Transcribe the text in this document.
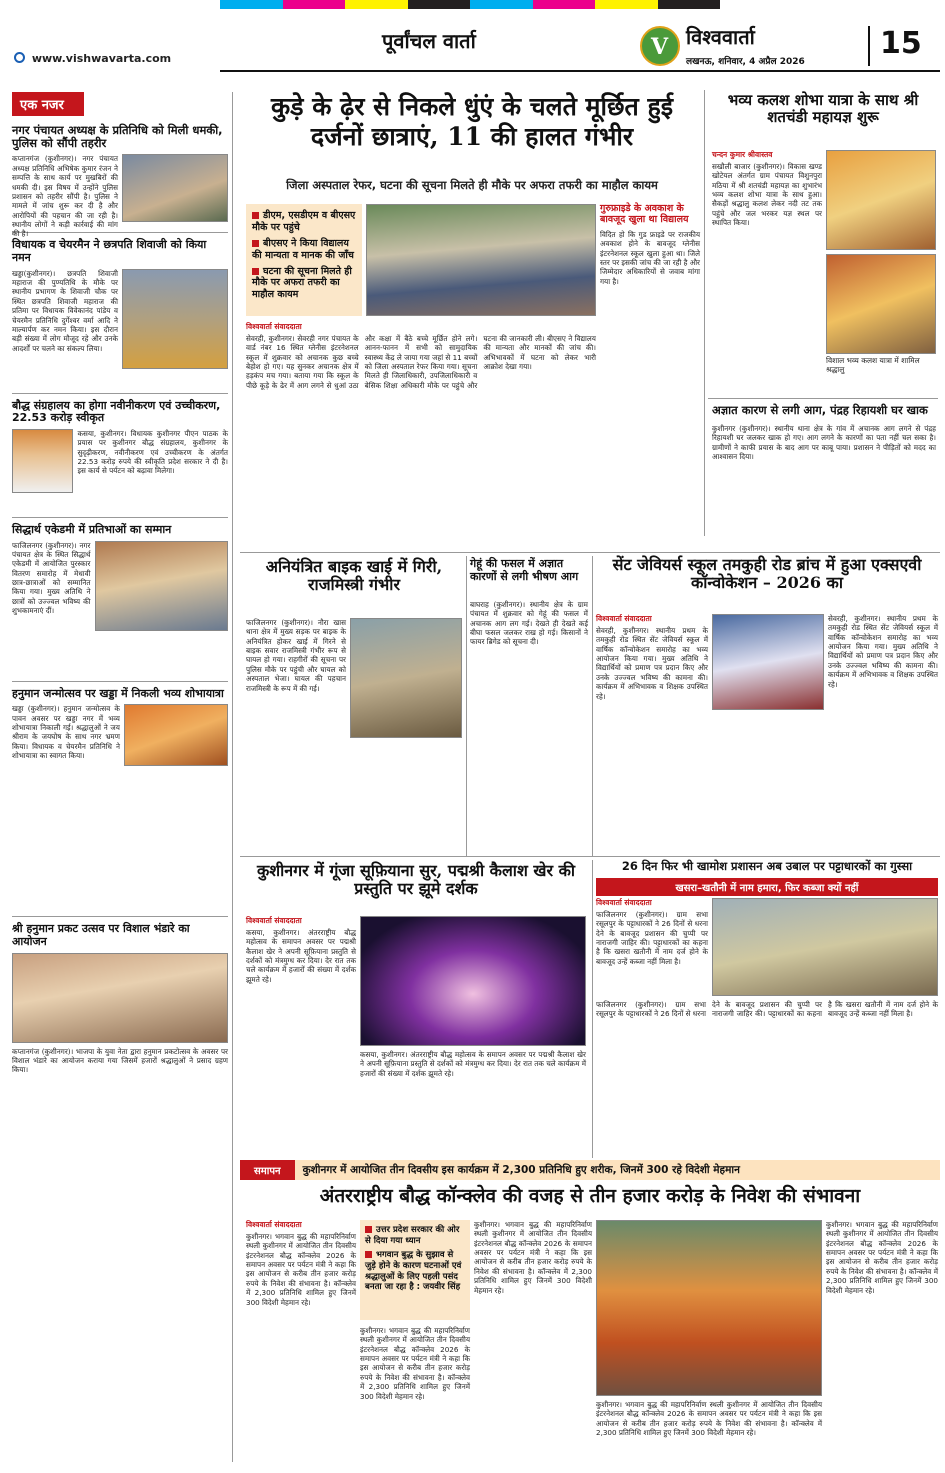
www.vishwavarta.com
पूर्वांचल वार्ता	V विश्ववार्ता
लखनऊ, शनिवार, 4 अप्रैल 2026
15
एक नजर
नगर पंचायत अध्यक्ष के प्रतिनिधि को मिली धमकी, पुलिस को सौंपी तहरीर
कप्तानगंज (कुशीनगर)। नगर पंचायत अध्यक्ष प्रतिनिधि अभिषेक कुमार रंजन ने सम्पत्ति के साथ कार्य पर मुखबिरों की धमकी दी। इस विषय में उन्होंने पुलिस प्रशासन को तहरीर सौंपी है। पुलिस ने मामले में जांच शुरू कर दी है और आरोपियों की पहचान की जा रही है। स्थानीय लोगों ने कड़ी कार्रवाई की मांग की है।
विधायक व चेयरमैन ने छत्रपति शिवाजी को किया नमन
खड्डा(कुशीनगर)। छत्रपति शिवाजी महाराज की पुण्यतिथि के मौके पर स्थानीय प्रभागण के शिवाजी चौक पर स्थित छत्रपति शिवाजी महाराज की प्रतिमा पर विधायक विवेकानंद पांडेय व चेयरमैन प्रतिनिधि दुर्गेश्वर वर्मा आदि ने माल्यार्पण कर नमन किया। इस दौरान बड़ी संख्या में लोग मौजूद रहे और उनके आदर्शों पर चलने का संकल्प लिया।
बौद्ध संग्रहालय का होगा नवीनीकरण एवं उच्चीकरण, 22.53 करोड़ स्वीकृत
कसया, कुशीनगर। विधायक कुशीनगर पीएन पाठक के प्रयास पर कुशीनगर बौद्ध संग्रहालय, कुशीनगर के सुदृढ़ीकरण, नवीनीकरण एवं उच्चीकरण के अंतर्गत 22.53 करोड़ रुपये की स्वीकृति प्रदेश सरकार ने दी है। इस कार्य से पर्यटन को बढ़ावा मिलेगा।
सिद्धार्थ एकेडमी में प्रतिभाओं का सम्मान
फाजिलनगर (कुशीनगर)। नगर पंचायत क्षेत्र के स्थित सिद्धार्थ एकेडमी में आयोजित पुरस्कार वितरण समारोह में मेधावी छात्र-छात्राओं को सम्मानित किया गया। मुख्य अतिथि ने छात्रों को उज्ज्वल भविष्य की शुभकामनाएं दीं।
हनुमान जन्मोत्सव पर खड्डा में निकली भव्य शोभायात्रा
खड्डा (कुशीनगर)। हनुमान जन्मोत्सव के पावन अवसर पर खड्डा नगर में भव्य शोभायात्रा निकाली गई। श्रद्धालुओं ने जय श्रीराम के जयघोष के साथ नगर भ्रमण किया। विधायक व चेयरमैन प्रतिनिधि ने शोभायात्रा का स्वागत किया।
श्री हनुमान प्रकट उत्सव पर विशाल भंडारे का आयोजन
कप्तानगंज (कुशीनगर)। भाजपा के युवा नेता द्वारा हनुमान प्रकटोत्सव के अवसर पर विशाल भंडारे का आयोजन कराया गया जिसमें हजारों श्रद्धालुओं ने प्रसाद ग्रहण किया।
कुड़े के ढ़ेर से निकले धुंएं के चलते मूर्छित हुई दर्जनों छात्राएं, 11 की हालत गंभीर
जिला अस्पताल रेफर, घटना की सूचना मिलते ही मौके पर अफरा तफरी का माहौल कायम
डीएम, एसडीएम व बीएसए मौके पर पहुंचे
बीएसए ने किया विद्यालय की मान्यता व मानक की जाँच
घटना की सूचना मिलते ही मौके पर अफरा तफरी का माहौल कायम
विश्ववार्ता संवाददाता
सेवरही, कुशीनगर। सेवरही नगर पंचायत के वार्ड नंबर 16 स्थित ग्लेनीस इंटरनेशनल स्कूल में शुक्रवार को अचानक कुछ बच्चे बेहोश हो गए। यह सुनकर अचानक क्षेत्र में हड़कंप मच गया। बताया गया कि स्कूल के पीछे कूड़े के ढेर में आग लगने से धुआं उठा और कक्षा में बैठे बच्चे मूर्छित होने लगे। आनन-फानन में सभी को सामुदायिक स्वास्थ्य केंद्र ले जाया गया जहां से 11 बच्चों को जिला अस्पताल रेफर किया गया। सूचना मिलते ही जिलाधिकारी, उपजिलाधिकारी व बेसिक शिक्षा अधिकारी मौके पर पहुंचे और घटना की जानकारी ली। बीएसए ने विद्यालय की मान्यता और मानकों की जांच की। अभिभावकों में घटना को लेकर भारी आक्रोश देखा गया।
गुरुफ्राइडे के अवकाश के बावजूद खुला था विद्यालय
विदित हो कि गुड फ्राइडे पर राजकीय अवकाश होने के बावजूद ग्लेनीस इंटरनेशनल स्कूल खुला हुआ था। जिले स्तर पर इसकी जांच की जा रही है और जिम्मेदार अधिकारियों से जवाब मांगा गया है।
भव्य कलश शोभा यात्रा के साथ श्री शतचंडी महायज्ञ शुरू
चन्दन कुमार श्रीवास्तव
सखौली बाजार (कुशीनगर)। विकास खण्ड खोटेयल अंतर्गत ग्राम पंचायत विशुनपुरा मठिया में श्री शतचंडी महायज्ञ का शुभारंभ भव्य कलश शोभा यात्रा के साथ हुआ। सैकड़ों श्रद्धालु कलश लेकर नदी तट तक पहुंचे और जल भरकर यज्ञ स्थल पर स्थापित किया।
विशाल भव्य कलश यात्रा में शामिल श्रद्धालु
अज्ञात कारण से लगी आग, पंद्रह रिहायशी घर खाक
कुशीनगर (कुशीनगर)। स्थानीय थाना क्षेत्र के गांव में अचानक आग लगने से पंद्रह रिहायशी घर जलकर खाक हो गए। आग लगने के कारणों का पता नहीं चल सका है। ग्रामीणों ने काफी प्रयास के बाद आग पर काबू पाया। प्रशासन ने पीड़ितों को मदद का आश्वासन दिया।
अनियंत्रित बाइक खाई में गिरी, राजमिस्त्री गंभीर
फाजिलनगर (कुशीनगर)। नौरा खास थाना क्षेत्र में मुख्य सड़क पर बाइक के अनियंत्रित होकर खाई में गिरने से बाइक सवार राजमिस्त्री गंभीर रूप से घायल हो गया। राहगीरों की सूचना पर पुलिस मौके पर पहुंची और घायल को अस्पताल भेजा। घायल की पहचान राजमिस्त्री के रूप में की गई।
गेहूं की फसल में अज्ञात कारणों से लगी भीषण आग
बाघराह (कुशीनगर)। स्थानीय क्षेत्र के ग्राम पंचायत में शुक्रवार को गेहूं की फसल में अचानक आग लग गई। देखते ही देखते कई बीघा फसल जलकर राख हो गई। किसानों ने फायर ब्रिगेड को सूचना दी।
सेंट जेवियर्स स्कूल तमकुही रोड ब्रांच में हुआ एक्सएवी कॉन्वोकेशन – 2026 का
विश्ववार्ता संवाददाता
सेवरही, कुशीनगर। स्थानीय प्रथम के तमकुही रोड स्थित सेंट जेवियर्स स्कूल में वार्षिक कॉन्वोकेशन समारोह का भव्य आयोजन किया गया। मुख्य अतिथि ने विद्यार्थियों को प्रमाण पत्र प्रदान किए और उनके उज्ज्वल भविष्य की कामना की। कार्यक्रम में अभिभावक व शिक्षक उपस्थित रहे।
सेवरही, कुशीनगर। स्थानीय प्रथम के तमकुही रोड स्थित सेंट जेवियर्स स्कूल में वार्षिक कॉन्वोकेशन समारोह का भव्य आयोजन किया गया। मुख्य अतिथि ने विद्यार्थियों को प्रमाण पत्र प्रदान किए और उनके उज्ज्वल भविष्य की कामना की। कार्यक्रम में अभिभावक व शिक्षक उपस्थित रहे।
कुशीनगर में गूंजा सूफ़ियाना सुर, पद्मश्री कैलाश खेर की प्रस्तुति पर झूमे दर्शक
विश्ववार्ता संवाददाता
कसया, कुशीनगर। अंतरराष्ट्रीय बौद्ध महोत्सव के समापन अवसर पर पद्मश्री कैलाश खेर ने अपनी सूफ़ियाना प्रस्तुति से दर्शकों को मंत्रमुग्ध कर दिया। देर रात तक चले कार्यक्रम में हजारों की संख्या में दर्शक झूमते रहे।
कसया, कुशीनगर। अंतरराष्ट्रीय बौद्ध महोत्सव के समापन अवसर पर पद्मश्री कैलाश खेर ने अपनी सूफ़ियाना प्रस्तुति से दर्शकों को मंत्रमुग्ध कर दिया। देर रात तक चले कार्यक्रम में हजारों की संख्या में दर्शक झूमते रहे।
26 दिन फिर भी खामोश प्रशासन अब उबाल पर पट्टाधारकों का गुस्सा
खसरा–खतौनी में नाम हमारा, फिर कब्जा क्यों नहीं
विश्ववार्ता संवाददाता
फाजिलनगर (कुशीनगर)। ग्राम सभा रसूलपुर के पट्टाधारकों ने 26 दिनों से धरना देने के बावजूद प्रशासन की चुप्पी पर नाराजगी जाहिर की। पट्टाधारकों का कहना है कि खसरा खतौनी में नाम दर्ज होने के बावजूद उन्हें कब्जा नहीं मिला है।
फाजिलनगर (कुशीनगर)। ग्राम सभा रसूलपुर के पट्टाधारकों ने 26 दिनों से धरना देने के बावजूद प्रशासन की चुप्पी पर नाराजगी जाहिर की। पट्टाधारकों का कहना है कि खसरा खतौनी में नाम दर्ज होने के बावजूद उन्हें कब्जा नहीं मिला है।
समापन	कुशीनगर में आयोजित तीन दिवसीय इस कार्यक्रम में 2,300 प्रतिनिधि हुए शरीक, जिनमें 300 रहे विदेशी मेहमान
अंतरराष्ट्रीय बौद्ध कॉन्क्लेव की वजह से तीन हजार करोड़ के निवेश की संभावना
विश्ववार्ता संवाददाता
कुशीनगर। भगवान बुद्ध की महापरिनिर्वाण स्थली कुशीनगर में आयोजित तीन दिवसीय इंटरनेशनल बौद्ध कॉन्क्लेव 2026 के समापन अवसर पर पर्यटन मंत्री ने कहा कि इस आयोजन से करीब तीन हजार करोड़ रुपये के निवेश की संभावना है। कॉन्क्लेव में 2,300 प्रतिनिधि शामिल हुए जिनमें 300 विदेशी मेहमान रहे।
उत्तर प्रदेश सरकार की ओर से दिया गया ध्यान
भगवान बुद्ध के सुझाव से जुड़े होने के कारण घटनाओं एवं श्रद्धालुओं के लिए पहली पसंद बनता जा रहा है : जयवीर सिंह
कुशीनगर। भगवान बुद्ध की महापरिनिर्वाण स्थली कुशीनगर में आयोजित तीन दिवसीय इंटरनेशनल बौद्ध कॉन्क्लेव 2026 के समापन अवसर पर पर्यटन मंत्री ने कहा कि इस आयोजन से करीब तीन हजार करोड़ रुपये के निवेश की संभावना है। कॉन्क्लेव में 2,300 प्रतिनिधि शामिल हुए जिनमें 300 विदेशी मेहमान रहे।
कुशीनगर। भगवान बुद्ध की महापरिनिर्वाण स्थली कुशीनगर में आयोजित तीन दिवसीय इंटरनेशनल बौद्ध कॉन्क्लेव 2026 के समापन अवसर पर पर्यटन मंत्री ने कहा कि इस आयोजन से करीब तीन हजार करोड़ रुपये के निवेश की संभावना है। कॉन्क्लेव में 2,300 प्रतिनिधि शामिल हुए जिनमें 300 विदेशी मेहमान रहे।
कुशीनगर। भगवान बुद्ध की महापरिनिर्वाण स्थली कुशीनगर में आयोजित तीन दिवसीय इंटरनेशनल बौद्ध कॉन्क्लेव 2026 के समापन अवसर पर पर्यटन मंत्री ने कहा कि इस आयोजन से करीब तीन हजार करोड़ रुपये के निवेश की संभावना है। कॉन्क्लेव में 2,300 प्रतिनिधि शामिल हुए जिनमें 300 विदेशी मेहमान रहे।
कुशीनगर। भगवान बुद्ध की महापरिनिर्वाण स्थली कुशीनगर में आयोजित तीन दिवसीय इंटरनेशनल बौद्ध कॉन्क्लेव 2026 के समापन अवसर पर पर्यटन मंत्री ने कहा कि इस आयोजन से करीब तीन हजार करोड़ रुपये के निवेश की संभावना है। कॉन्क्लेव में 2,300 प्रतिनिधि शामिल हुए जिनमें 300 विदेशी मेहमान रहे।
